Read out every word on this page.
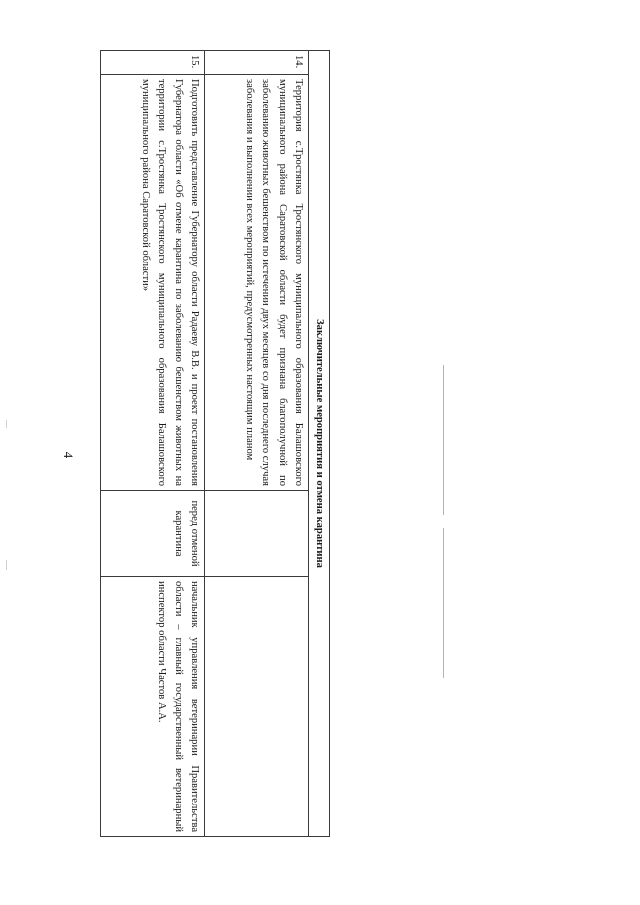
4	Заключительные мероприятия и отмена карантина			
14.	Территория с.Тростянка Тростянского муниципального образования Балашовского муниципального района Саратовской области будет признана благополучной по заболеванию животных бешенством по истечении двух месяцев со дня последнего случая заболевания и выполнении всех мероприятий, предусмотренных настоящим планом		
15.	Подготовить представление Губернатору области Радаеву В.В. и проект постановления Губернатора области «Об отмене карантина по заболеванию бешенством животных на территории с.Тростянка Тростянского муниципального образования Балашовского муниципального района Саратовской области»	перед отменой карантина	начальник управления ветеринарии Правительства области – главный государственный ветеринарный инспектор области Частов А.А.
